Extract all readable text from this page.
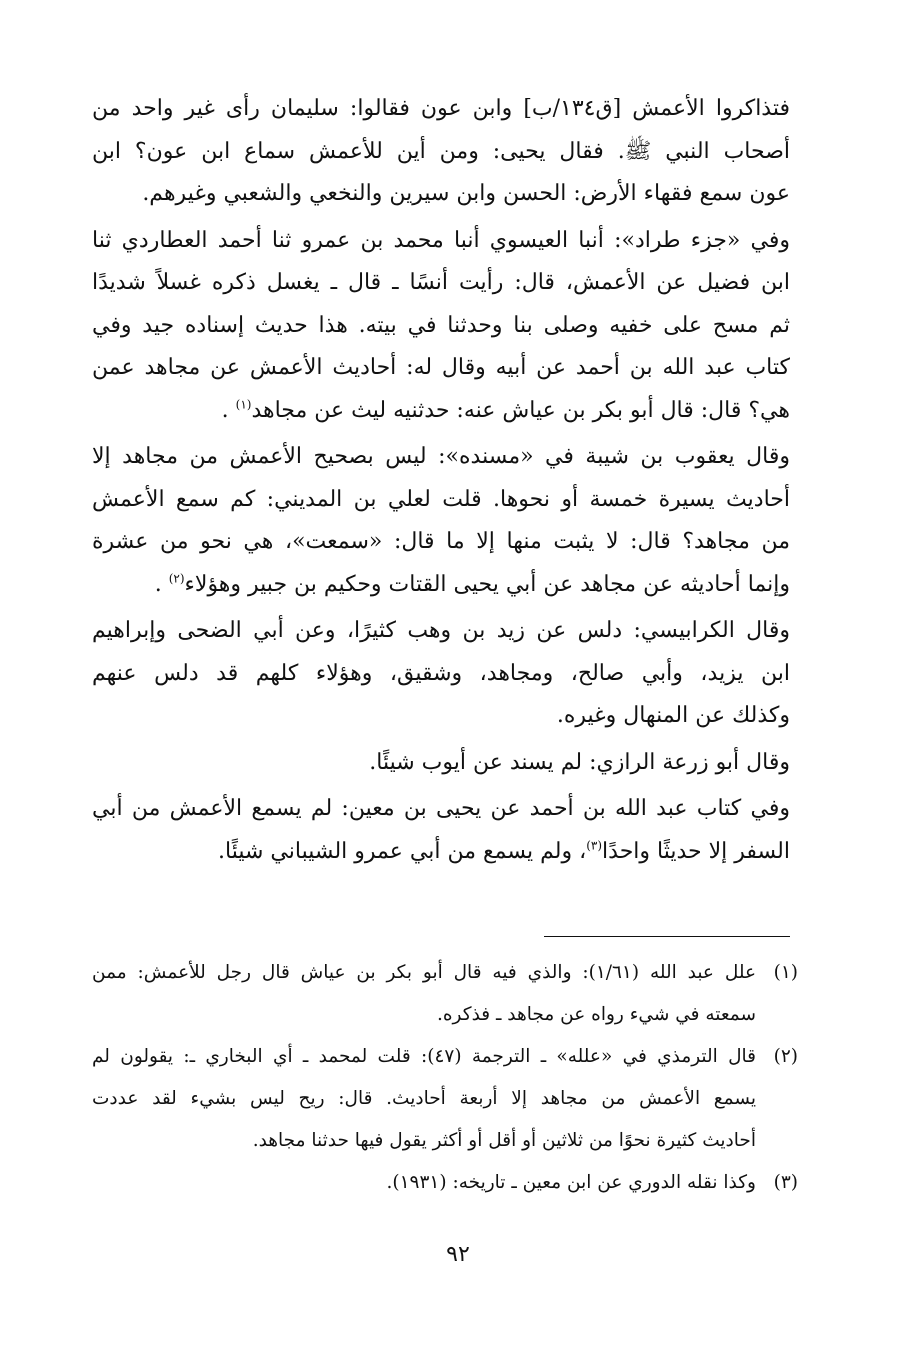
فتذاكروا الأعمش [ق١٣٤/ب] وابن عون فقالوا: سليمان رأى غير واحد من
أصحاب النبي ﷺ. فقال يحيى: ومن أين للأعمش سماع ابن عون؟ ابن
عون سمع فقهاء الأرض: الحسن وابن سيرين والنخعي والشعبي وغيرهم.

وفي «جزء طراد»: أنبا العيسوي أنبا محمد بن عمرو ثنا أحمد العطاردي ثنا
ابن فضيل عن الأعمش، قال: رأيت أنسًا ـ قال ـ يغسل ذكره غسلاً شديدًا
ثم مسح على خفيه وصلى بنا وحدثنا في بيته. هذا حديث إسناده جيد وفي
كتاب عبد الله بن أحمد عن أبيه وقال له: أحاديث الأعمش عن مجاهد عمن
هي؟ قال: قال أبو بكر بن عياش عنه: حدثنيه ليث عن مجاهد$^{(١)}$ .

وقال يعقوب بن شيبة في «مسنده»: ليس بصحيح الأعمش من مجاهد إلا
أحاديث يسيرة خمسة أو نحوها. قلت لعلي بن المديني: كم سمع الأعمش
من مجاهد؟ قال: لا يثبت منها إلا ما قال: «سمعت»، هي نحو من عشرة
وإنما أحاديثه عن مجاهد عن أبي يحيى القتات وحكيم بن جبير وهؤلاء$^{(٢)}$ .

وقال الكرابيسي: دلس عن زيد بن وهب كثيرًا، وعن أبي الضحى وإبراهيم
ابن يزيد، وأبي صالح، ومجاهد، وشقيق، وهؤلاء كلهم قد دلس عنهم
وكذلك عن المنهال وغيره.

وقال أبو زرعة الرازي: لم يسند عن أيوب شيئًا.

وفي كتاب عبد الله بن أحمد عن يحيى بن معين: لم يسمع الأعمش من أبي
السفر إلا حديثًا واحدًا$^{(٣)}$، ولم يسمع من أبي عمرو الشيباني شيئًا.

(١)
علل عبد الله (١/٦١): والذي فيه قال أبو بكر بن عياش قال رجل للأعمش: ممن
سمعته في شيء رواه عن مجاهد ـ فذكره.
(٢)
قال الترمذي في «علله» ـ الترجمة (٤٧): قلت لمحمد ـ أي البخاري ـ: يقولون لم
يسمع الأعمش من مجاهد إلا أربعة أحاديث. قال: ريح ليس بشيء لقد عددت
أحاديث كثيرة نحوًا من ثلاثين أو أقل أو أكثر يقول فيها حدثنا مجاهد.
(٣)
وكذا نقله الدوري عن ابن معين ـ تاريخه: (١٩٣١).
٩٢
